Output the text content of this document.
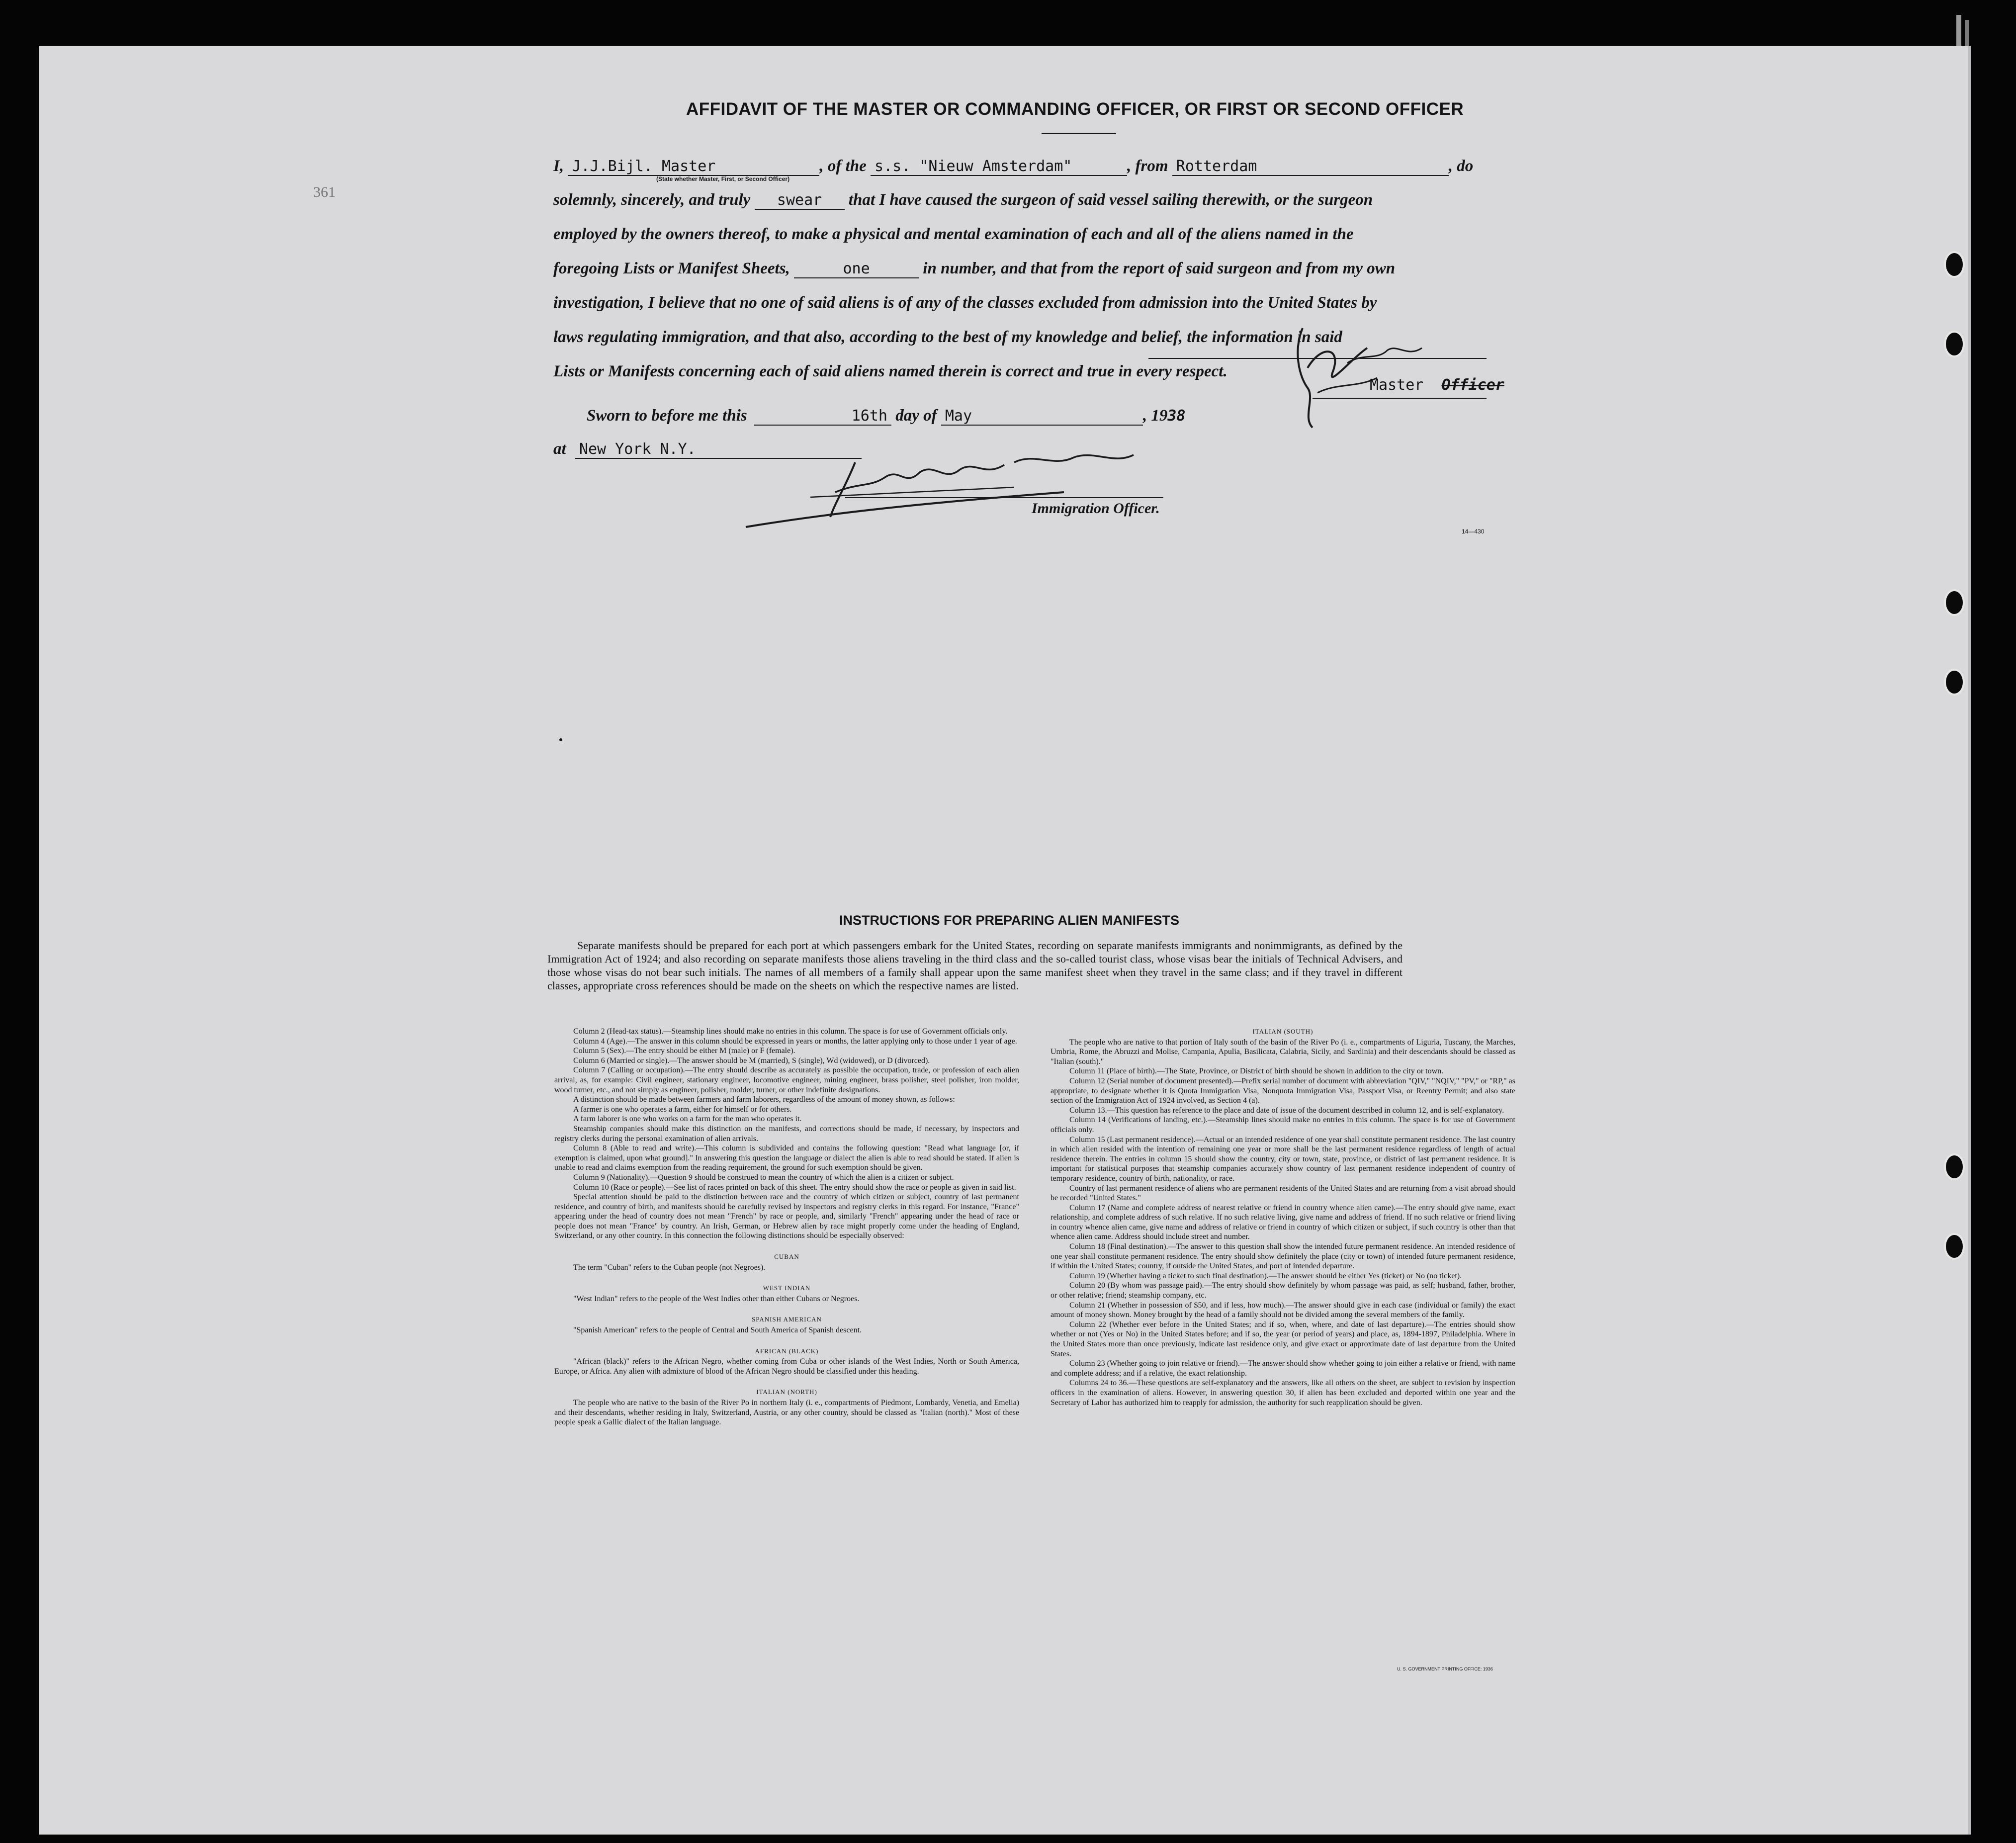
AFFIDAVIT OF THE MASTER OR COMMANDING OFFICER, OR FIRST OR SECOND OFFICER
361
I, J.J.Bijl. Master	, of the s.s. "Nieuw Amsterdam"	, from Rotterdam	, do
(State whether Master, First, or Second Officer)
solemnly, sincerely, and truly swear that I have caused the surgeon of said vessel sailing therewith, or the surgeon
employed by the owners thereof, to make a physical and mental examination of each and all of the aliens named in the
foregoing Lists or Manifest Sheets,	one	in number, and that from the report of said surgeon and from my own
investigation, I believe that no one of said aliens is of any of the classes excluded from admission into the United States by
laws regulating immigration, and that also, according to the best of my knowledge and belief, the information in said
Lists or Manifests concerning each of said aliens named therein is correct and true in every respect.
Master Officer
Sworn to before me this	16th day of May	, 1938
at New York N.Y.
Immigration Officer.
14—430
INSTRUCTIONS FOR PREPARING ALIEN MANIFESTS
Separate manifests should be prepared for each port at which passengers embark for the United States, recording on separate manifests immigrants and nonimmigrants, as defined by the Immigration Act of 1924; and also recording on separate manifests those aliens traveling in the third class and the so-called tourist class, whose visas bear the initials of Technical Advisers, and those whose visas do not bear such initials. The names of all members of a family shall appear upon the same manifest sheet when they travel in the same class; and if they travel in different classes, appropriate cross references should be made on the sheets on which the respective names are listed.

Column 2 (Head-tax status).—Steamship lines should make no entries in this column. The space is for use of Government officials only.

Column 4 (Age).—The answer in this column should be expressed in years or months, the latter applying only to those under 1 year of age.

Column 5 (Sex).—The entry should be either M (male) or F (female).

Column 6 (Married or single).—The answer should be M (married), S (single), Wd (widowed), or D (divorced).

Column 7 (Calling or occupation).—The entry should describe as accurately as possible the occupation, trade, or profession of each alien arrival, as, for example: Civil engineer, stationary engineer, locomotive engineer, mining engineer, brass polisher, steel polisher, iron molder, wood turner, etc., and not simply as engineer, polisher, molder, turner, or other indefinite designations.

A distinction should be made between farmers and farm laborers, regardless of the amount of money shown, as follows:

A farmer is one who operates a farm, either for himself or for others.

A farm laborer is one who works on a farm for the man who operates it.

Steamship companies should make this distinction on the manifests, and corrections should be made, if necessary, by inspectors and registry clerks during the personal examination of alien arrivals.

Column 8 (Able to read and write).—This column is subdivided and contains the following question: "Read what language [or, if exemption is claimed, upon what ground]." In answering this question the language or dialect the alien is able to read should be stated. If alien is unable to read and claims exemption from the reading requirement, the ground for such exemption should be given.

Column 9 (Nationality).—Question 9 should be construed to mean the country of which the alien is a citizen or subject.

Column 10 (Race or people).—See list of races printed on back of this sheet. The entry should show the race or people as given in said list.

Special attention should be paid to the distinction between race and the country of which citizen or subject, country of last permanent residence, and country of birth, and manifests should be carefully revised by inspectors and registry clerks in this regard. For instance, "France" appearing under the head of country does not mean "French" by race or people, and, similarly "French" appearing under the head of race or people does not mean "France" by country. An Irish, German, or Hebrew alien by race might properly come under the heading of England, Switzerland, or any other country. In this connection the following distinctions should be especially observed:

CUBAN

The term "Cuban" refers to the Cuban people (not Negroes).

WEST INDIAN

"West Indian" refers to the people of the West Indies other than either Cubans or Negroes.

SPANISH AMERICAN

"Spanish American" refers to the people of Central and South America of Spanish descent.

AFRICAN (BLACK)

"African (black)" refers to the African Negro, whether coming from Cuba or other islands of the West Indies, North or South America, Europe, or Africa. Any alien with admixture of blood of the African Negro should be classified under this heading.

ITALIAN (NORTH)

The people who are native to the basin of the River Po in northern Italy (i. e., compartments of Piedmont, Lombardy, Venetia, and Emelia) and their descendants, whether residing in Italy, Switzerland, Austria, or any other country, should be classed as "Italian (north)." Most of these people speak a Gallic dialect of the Italian language.

ITALIAN (SOUTH)

The people who are native to that portion of Italy south of the basin of the River Po (i. e., compartments of Liguria, Tuscany, the Marches, Umbria, Rome, the Abruzzi and Molise, Campania, Apulia, Basilicata, Calabria, Sicily, and Sardinia) and their descendants should be classed as "Italian (south)."

Column 11 (Place of birth).—The State, Province, or District of birth should be shown in addition to the city or town.

Column 12 (Serial number of document presented).—Prefix serial number of document with abbreviation "QIV," "NQIV," "PV," or "RP," as appropriate, to designate whether it is Quota Immigration Visa, Nonquota Immigration Visa, Passport Visa, or Reentry Permit; and also state section of the Immigration Act of 1924 involved, as Section 4 (a).

Column 13.—This question has reference to the place and date of issue of the document described in column 12, and is self-explanatory.

Column 14 (Verifications of landing, etc.).—Steamship lines should make no entries in this column. The space is for use of Government officials only.

Column 15 (Last permanent residence).—Actual or an intended residence of one year shall constitute permanent residence. The last country in which alien resided with the intention of remaining one year or more shall be the last permanent residence regardless of length of actual residence therein. The entries in column 15 should show the country, city or town, state, province, or district of last permanent residence. It is important for statistical purposes that steamship companies accurately show country of last permanent residence independent of country of temporary residence, country of birth, nationality, or race.

Country of last permanent residence of aliens who are permanent residents of the United States and are returning from a visit abroad should be recorded "United States."

Column 17 (Name and complete address of nearest relative or friend in country whence alien came).—The entry should give name, exact relationship, and complete address of such relative. If no such relative living, give name and address of friend. If no such relative or friend living in country whence alien came, give name and address of relative or friend in country of which citizen or subject, if such country is other than that whence alien came. Address should include street and number.

Column 18 (Final destination).—The answer to this question shall show the intended future permanent residence. An intended residence of one year shall constitute permanent residence. The entry should show definitely the place (city or town) of intended future permanent residence, if within the United States; country, if outside the United States, and port of intended departure.

Column 19 (Whether having a ticket to such final destination).—The answer should be either Yes (ticket) or No (no ticket).

Column 20 (By whom was passage paid).—The entry should show definitely by whom passage was paid, as self; husband, father, brother, or other relative; friend; steamship company, etc.

Column 21 (Whether in possession of $50, and if less, how much).—The answer should give in each case (individual or family) the exact amount of money shown. Money brought by the head of a family should not be divided among the several members of the family.

Column 22 (Whether ever before in the United States; and if so, when, where, and date of last departure).—The entries should show whether or not (Yes or No) in the United States before; and if so, the year (or period of years) and place, as, 1894-1897, Philadelphia. Where in the United States more than once previously, indicate last residence only, and give exact or approximate date of last departure from the United States.

Column 23 (Whether going to join relative or friend).—The answer should show whether going to join either a relative or friend, with name and complete address; and if a relative, the exact relationship.

Columns 24 to 36.—These questions are self-explanatory and the answers, like all others on the sheet, are subject to revision by inspection officers in the examination of aliens. However, in answering question 30, if alien has been excluded and deported within one year and the Secretary of Labor has authorized him to reapply for admission, the authority for such reapplication should be given.

U. S. GOVERNMENT PRINTING OFFICE: 1936
